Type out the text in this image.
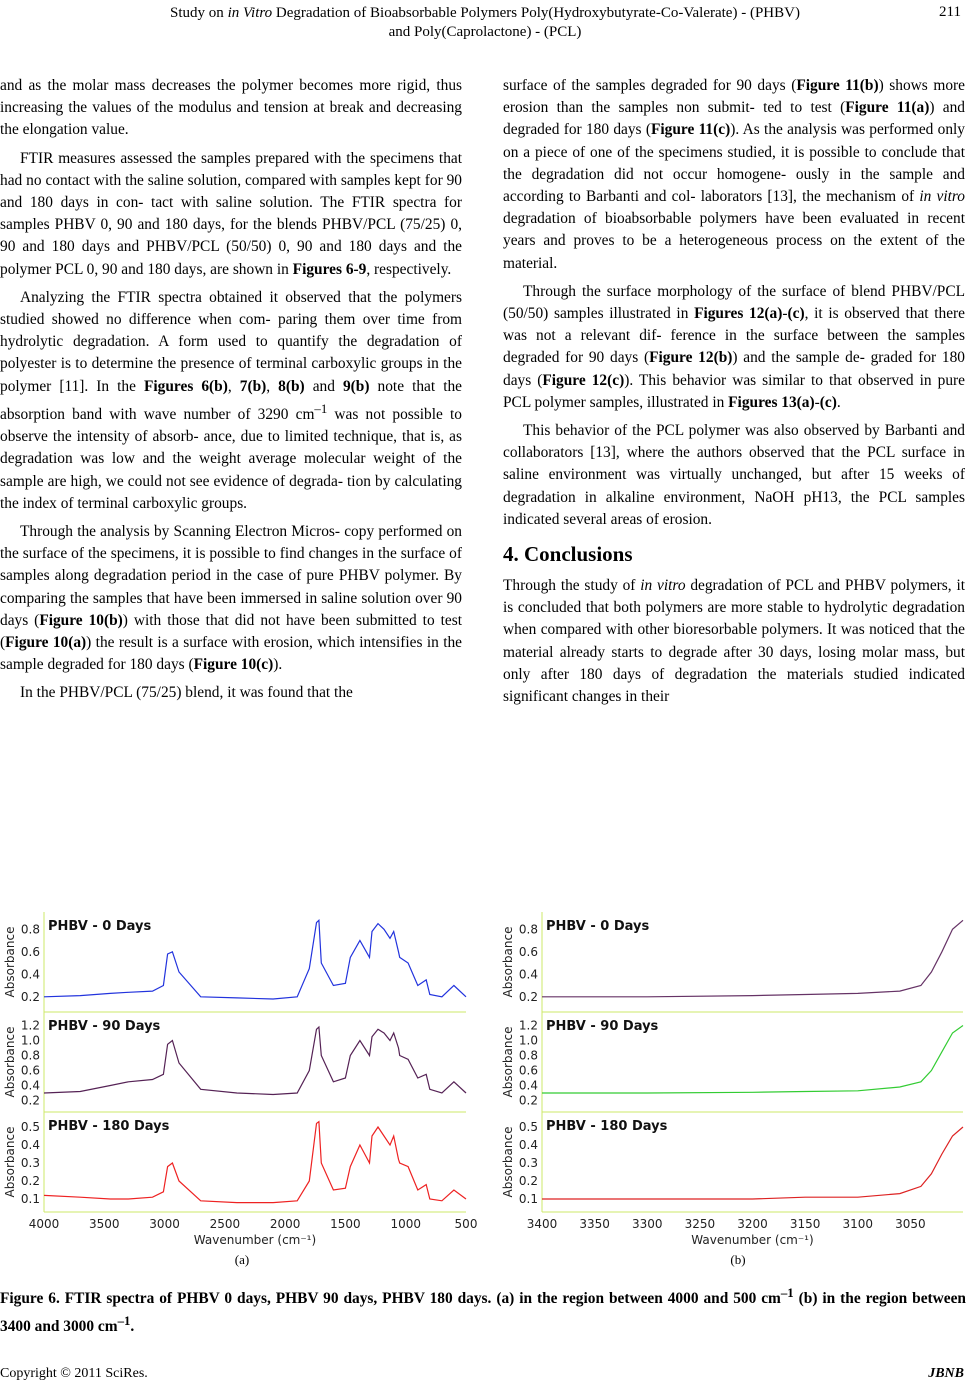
Study on in Vitro Degradation of Bioabsorbable Polymers Poly(Hydroxybutyrate-Co-Valerate) - (PHBV)
and Poly(Caprolactone) - (PCL)
211

and as the molar mass decreases the polymer becomes more rigid, thus increasing the values of the modulus and tension at break and decreasing the elongation value.

FTIR measures assessed the samples prepared with the specimens that had no contact with the saline solution, compared with samples kept for 90 and 180 days in con- tact with saline solution. The FTIR spectra for samples PHBV 0, 90 and 180 days, for the blends PHBV/PCL (75/25) 0, 90 and 180 days and PHBV/PCL (50/50) 0, 90 and 180 days and the polymer PCL 0, 90 and 180 days, are shown in Figures 6-9, respectively.

Analyzing the FTIR spectra obtained it observed that the polymers studied showed no difference when com- paring them over time from hydrolytic degradation. A form used to quantify the degradation of polyester is to determine the presence of terminal carboxylic groups in the polymer [11]. In the Figures 6(b), 7(b), 8(b) and 9(b) note that the absorption band with wave number of 3290 $cm^{-1}$ was not possible to observe the intensity of absorb- ance, due to limited technique, that is, as degradation was low and the weight average molecular weight of the sample are high, we could not see evidence of degrada- tion by calculating the index of terminal carboxylic groups.

Through the analysis by Scanning Electron Micros- copy performed on the surface of the specimens, it is possible to find changes in the surface of samples along degradation period in the case of pure PHBV polymer. By comparing the samples that have been immersed in saline solution over 90 days (Figure 10(b)) with those that did not have been submitted to test (Figure 10(a)) the result is a surface with erosion, which intensifies in the sample degraded for 180 days (Figure 10(c)).

In the PHBV/PCL (75/25) blend, it was found that the

surface of the samples degraded for 90 days (Figure 11(b)) shows more erosion than the samples non submit- ted to test (Figure 11(a)) and degraded for 180 days (Figure 11(c)). As the analysis was performed only on a piece of one of the specimens studied, it is possible to conclude that the degradation did not occur homogene- ously in the sample and according to Barbanti and col- laborators [13], the mechanism of in vitro degradation of bioabsorbable polymers have been evaluated in recent years and proves to be a heterogeneous process on the extent of the material.

Through the surface morphology of the surface of blend PHBV/PCL (50/50) samples illustrated in Figures 12(a)-(c), it is observed that there was not a relevant dif- ference in the surface between the samples degraded for 90 days (Figure 12(b)) and the sample de- graded for 180 days (Figure 12(c)). This behavior was similar to that observed in pure PCL polymer samples, illustrated in Figures 13(a)-(c).

This behavior of the PCL polymer was also observed by Barbanti and collaborators [13], where the authors observed that the PCL surface in saline environment was virtually unchanged, but after 15 weeks of degradation in alkaline environment, NaOH pH13, the PCL samples indicated several areas of erosion.

4. Conclusions

Through the study of in vitro degradation of PCL and PHBV polymers, it is concluded that both polymers are more stable to hydrolytic degradation when compared with other bioresorbable polymers. It was noticed that the material already starts to degrade after 30 days, losing molar mass, but only after 180 days of degradation the materials studied indicated significant changes in their

0.8
0.6
0.4
0.2
Absorbance
PHBV - 0 Days
1.2
1.0
0.8
0.6
0.4
0.2
Absorbance
PHBV - 90 Days
0.5
0.4
0.3
0.2
0.1
Absorbance
PHBV - 180 Days
4000 3500 3000 2500 2000 1500 1000	500
Wavenumber (cm⁻¹)
0.8
0.6
0.4
0.2
Absorbance
PHBV - 0 Days
1.2
1.0
0.8
0.6
0.4
0.2
Absorbance
PHBV - 90 Days
0.5
0.4
0.3
0.2
0.1
Absorbance
PHBV - 180 Days
3400 3350 3300 3250 3200 3150 3100 3050
Wavenumber (cm⁻¹)
(a)	(b)
Figure 6. FTIR spectra of PHBV 0 days, PHBV 90 days, PHBV 180 days. (a) in the region between 4000 and 500 $cm^{-1}$ (b) in the region between 3400 and 3000 $cm^{-1}$.
Copyright © 2011 SciRes.	JBNB
